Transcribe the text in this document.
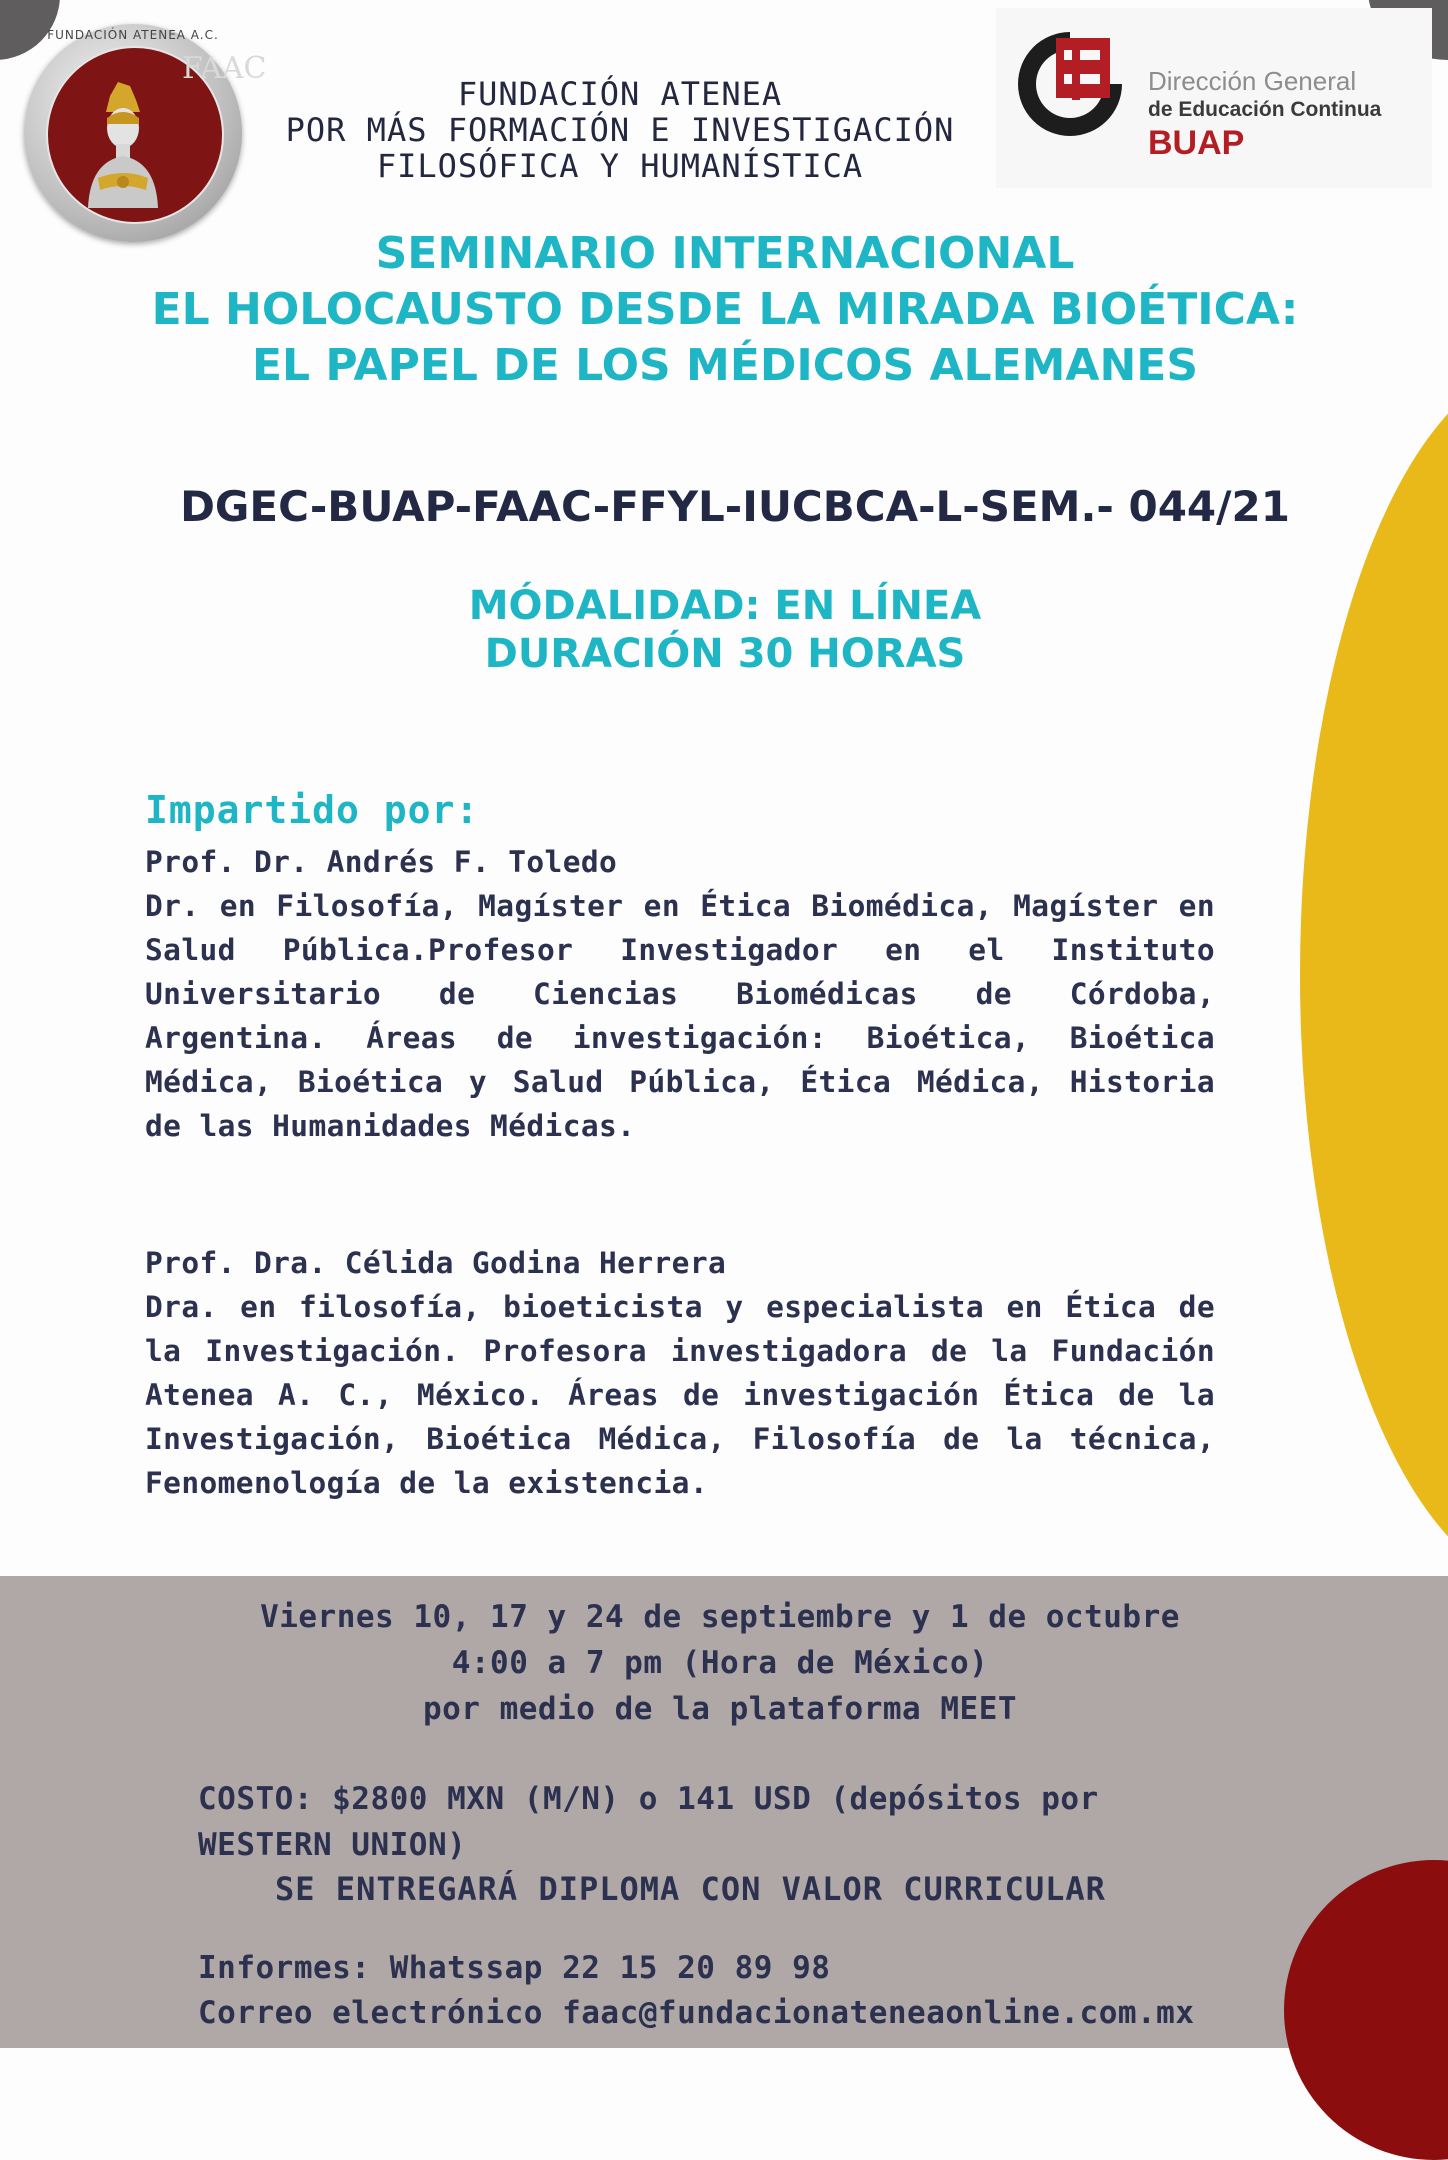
FUNDACIÓN ATENEA A.C.
FAAC
FUNDACIÓN ATENEA
POR MÁS FORMACIÓN E INVESTIGACIÓN
FILOSÓFICA Y HUMANÍSTICA
Dirección General
de Educación Continua
BUAP
SEMINARIO INTERNACIONAL
EL HOLOCAUSTO DESDE LA MIRADA BIOÉTICA:
EL PAPEL DE LOS MÉDICOS ALEMANES
DGEC-BUAP-FAAC-FFYL-IUCBCA-L-SEM.- 044/21
MÓDALIDAD: EN LÍNEA
DURACIÓN 30 HORAS
Impartido por:
Prof. Dr. Andrés F. Toledo
Dr. en Filosofía, Magíster en Ética Biomédica, Magíster en Salud Pública.Profesor Investigador en el Instituto Universitario de Ciencias Biomédicas de Córdoba, Argentina. Áreas de investigación: Bioética, Bioética Médica, Bioética y Salud Pública, Ética Médica, Historia de las Humanidades Médicas.
Prof. Dra. Célida Godina Herrera
Dra. en filosofía, bioeticista y especialista en Ética de la Investigación. Profesora investigadora de la Fundación Atenea A. C., México. Áreas de investigación Ética de la Investigación, Bioética Médica, Filosofía de la técnica, Fenomenología de la existencia.
Viernes 10, 17 y 24 de septiembre y 1 de octubre
4:00 a 7 pm (Hora de México)
por medio de la plataforma MEET
COSTO: $2800 MXN (M/N) o 141 USD (depósitos por
WESTERN UNION)
SE ENTREGARÁ DIPLOMA CON VALOR CURRICULAR
Informes: Whatssap 22 15 20 89 98
Correo electrónico faac@fundacionateneaonline.com.mx
